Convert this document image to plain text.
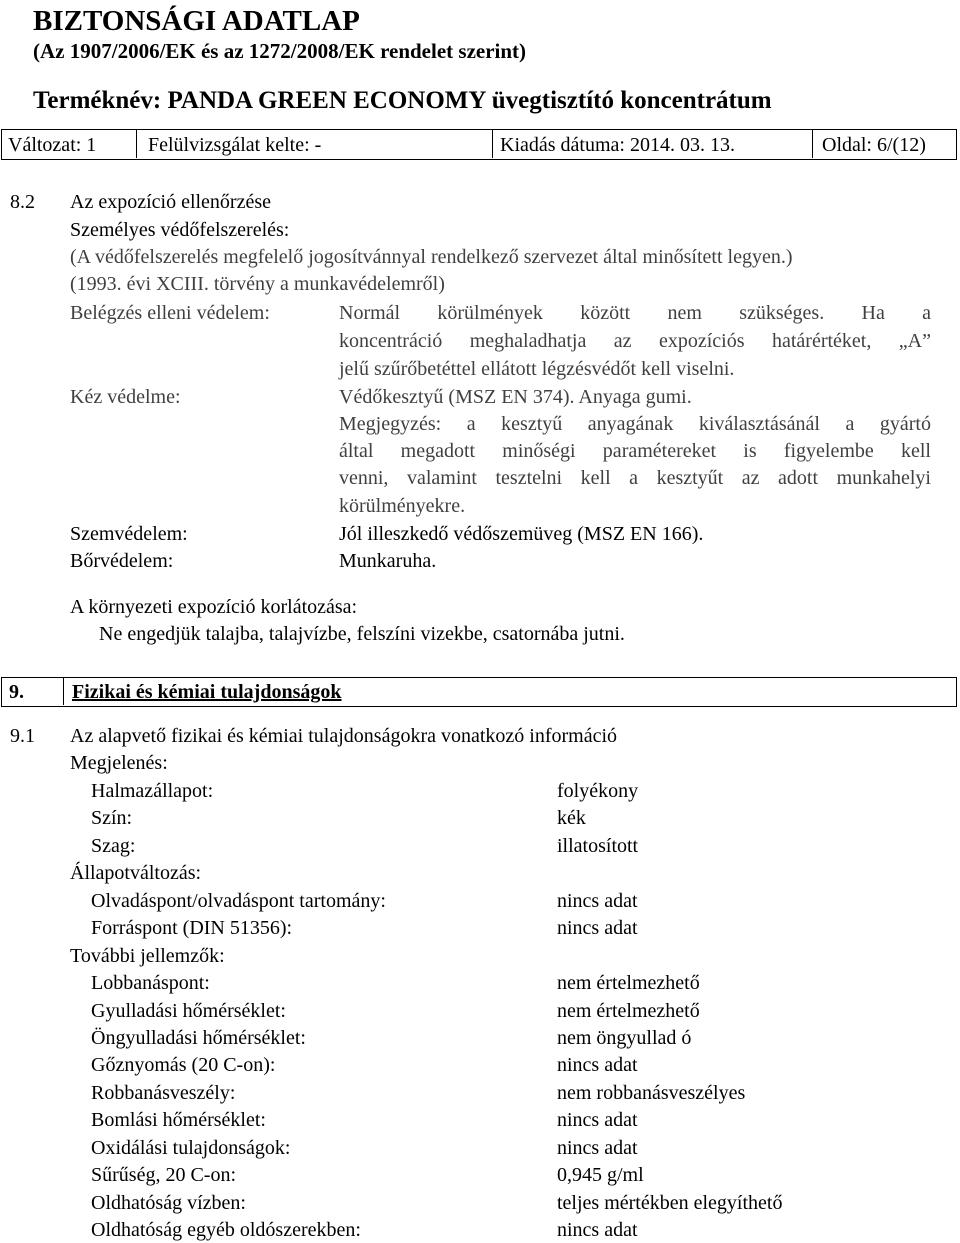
BIZTONSÁGI ADATLAP
(Az 1907/2006/EK és az 1272/2008/EK rendelet szerint)
Terméknév: PANDA GREEN ECONOMY üvegtisztító koncentrátum
Változat: 1	Felülvizsgálat kelte: -	Kiadás dátuma: 2014. 03. 13.	Oldal: 6/(12)
8.2 Az expozíció ellenőrzése
Személyes védőfelszerelés:
(A védőfelszerelés megfelelő jogosítvánnyal rendelkező szervezet által minősített legyen.)
(1993. évi XCIII. törvény a munkavédelemről)
Belégzés elleni védelem:	Normál körülmények között nem szükséges. Ha a
koncentráció meghaladhatja az expozíciós határértéket, „A”
jelű szűrőbetéttel ellátott légzésvédőt kell viselni.
Kéz védelme:	Védőkesztyű (MSZ EN 374). Anyaga gumi.
Megjegyzés: a kesztyű anyagának kiválasztásánál a gyártó
által megadott minőségi paramétereket is figyelembe kell
venni, valamint tesztelni kell a kesztyűt az adott munkahelyi
körülményekre.
Szemvédelem:	Jól illeszkedő védőszemüveg (MSZ EN 166).
Bőrvédelem:	Munkaruha.
A környezeti expozíció korlátozása:
Ne engedjük talajba, talajvízbe, felszíni vizekbe, csatornába jutni.
9. Fizikai és kémiai tulajdonságok
9.1 Az alapvető fizikai és kémiai tulajdonságokra vonatkozó információ
Megjelenés:
Halmazállapot:	folyékony
Szín:	kék
Szag:	illatosított
Állapotváltozás:
Olvadáspont/olvadáspont tartomány:	nincs adat
Forráspont (DIN 51356):	nincs adat
További jellemzők:
Lobbanáspont:	nem értelmezhető
Gyulladási hőmérséklet:	nem értelmezhető
Öngyulladási hőmérséklet:	nem öngyullad ó
Gőznyomás (20 C-on):	nincs adat
Robbanásveszély:	nem robbanásveszélyes
Bomlási hőmérséklet:	nincs adat
Oxidálási tulajdonságok:	nincs adat
Sűrűség, 20 C-on:	0,945 g/ml
Oldhatóság vízben:	teljes mértékben elegyíthető
Oldhatóság egyéb oldószerekben:	nincs adat
